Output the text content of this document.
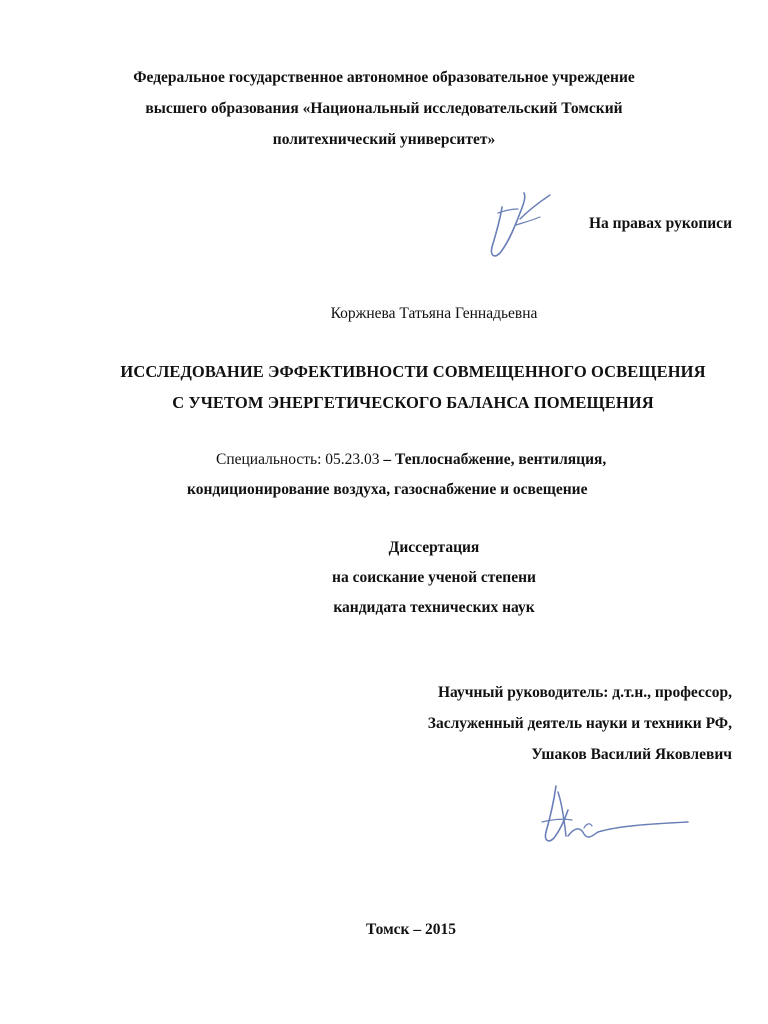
Федеральное государственное автономное образовательное учреждение
высшего образования «Национальный исследовательский Томский
политехнический университет»
На правах рукописи
Коржнева Татьяна Геннадьевна
ИССЛЕДОВАНИЕ ЭФФЕКТИВНОСТИ СОВМЕЩЕННОГО ОСВЕЩЕНИЯ
С УЧЕТОМ ЭНЕРГЕТИЧЕСКОГО БАЛАНСА ПОМЕЩЕНИЯ
Специальность: 05.23.03 – Теплоснабжение, вентиляция,
кондиционирование воздуха, газоснабжение и освещение
Диссертация
на соискание ученой степени
кандидата технических наук
Научный руководитель: д.т.н., профессор,
Заслуженный деятель науки и техники РФ,
Ушаков Василий Яковлевич
Томск – 2015
